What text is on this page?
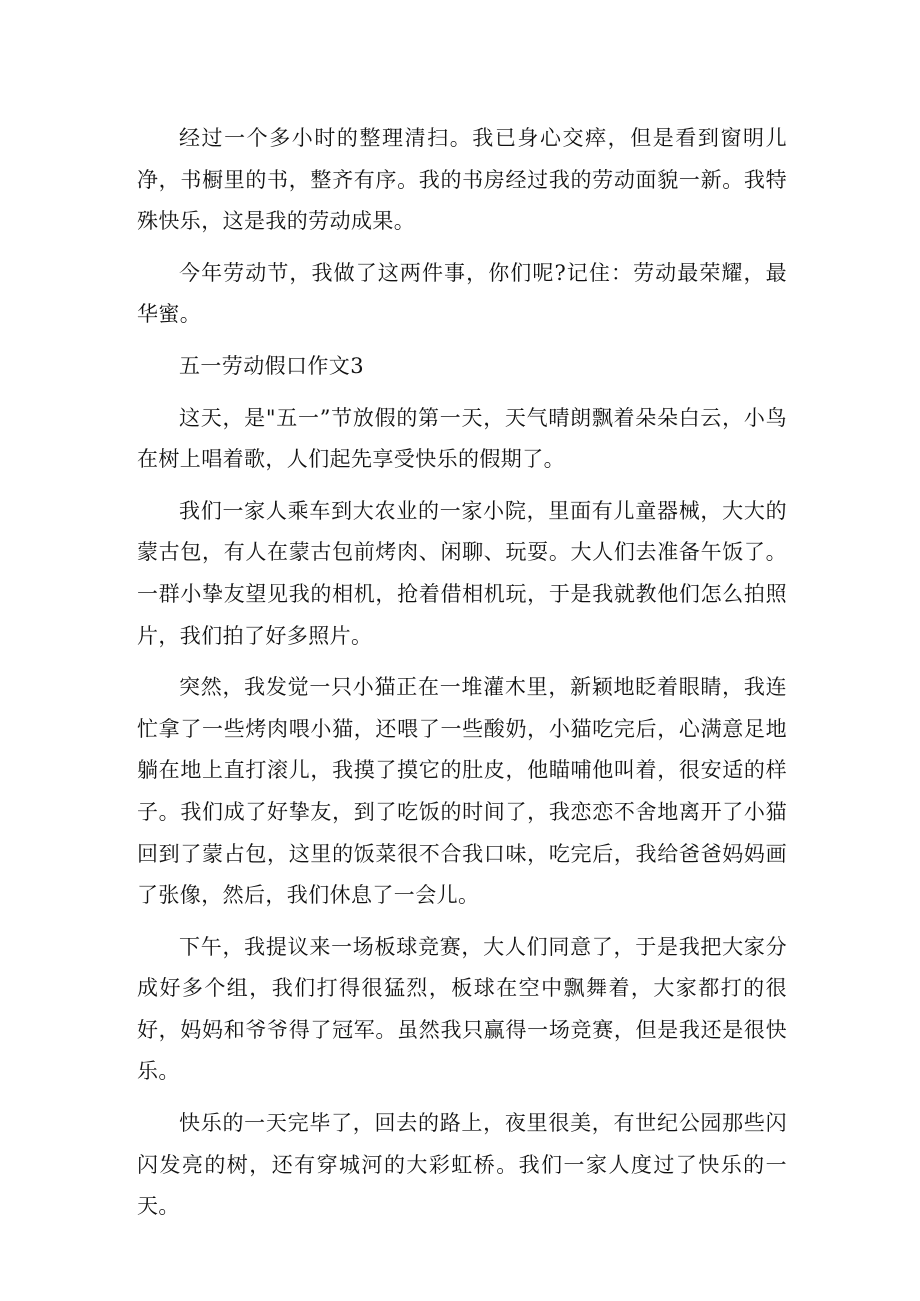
经过一个多小时的整理清扫。我已身心交瘁，但是看到窗明儿净，书橱里的书，整齐有序。我的书房经过我的劳动面貌一新。我特殊快乐，这是我的劳动成果。

今年劳动节，我做了这两件事，你们呢?记住：劳动最荣耀，最华蜜。

五一劳动假口作文3

这天，是"五一”节放假的第一天，天气晴朗飘着朵朵白云，小鸟在树上唱着歌，人们起先享受快乐的假期了。

我们一家人乘车到大农业的一家小院，里面有儿童器械，大大的蒙古包，有人在蒙古包前烤肉、闲聊、玩耍。大人们去准备午饭了。一群小挚友望见我的相机，抢着借相机玩，于是我就教他们怎么拍照片，我们拍了好多照片。

突然，我发觉一只小猫正在一堆灌木里，新颖地眨着眼睛，我连忙拿了一些烤肉喂小猫，还喂了一些酸奶，小猫吃完后，心满意足地躺在地上直打滚儿，我摸了摸它的肚皮，他瞄哺他叫着，很安适的样子。我们成了好挚友，到了吃饭的时间了，我恋恋不舍地离开了小猫回到了蒙占包，这里的饭菜很不合我口味，吃完后，我给爸爸妈妈画了张像，然后，我们休息了一会儿。

下午，我提议来一场板球竞赛，大人们同意了，于是我把大家分成好多个组，我们打得很猛烈，板球在空中飘舞着，大家都打的很好，妈妈和爷爷得了冠军。虽然我只赢得一场竞赛，但是我还是很快乐。

快乐的一天完毕了，回去的路上，夜里很美，有世纪公园那些闪闪发亮的树，还有穿城河的大彩虹桥。我们一家人度过了快乐的一天。
